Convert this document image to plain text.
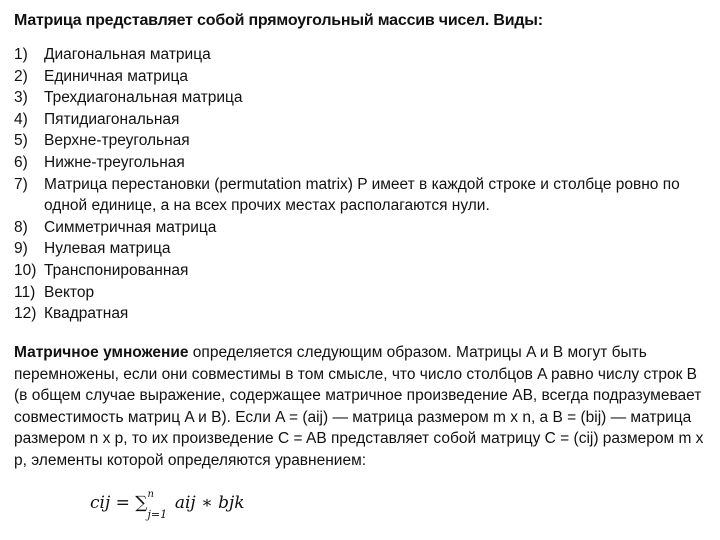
Матрица представляет собой прямоугольный массив чисел. Виды:
1)	Диагональная матрица
2)	Единичная матрица
3)	Трехдиагональная матрица
4)	Пятидиагональная
5)	Верхне-треугольная
6)	Нижне-треугольная
7)	Матрица перестановки (permutation matrix) P имеет в каждой строке и столбце ровно по одной единице, а на всех прочих местах располагаются нули.
8)	Симметричная матрица
9)	Нулевая матрица
10) Транспонированная
11) Вектор
12) Квадратная

Матричное умножение определяется следующим образом. Матрицы A и B могут быть перемножены, если они совместимы в том смысле, что число столбцов A равно числу строк B (в общем случае выражение, содержащее матричное произведение AB, всегда подразумевает совместимость матриц A и B). Если A = (aij) — матрица размером m x n, а B = (bij) — матрица размером n x p, то их произведение C = AB представляет собой матрицу C = (cij) размером m x p, элементы которой определяются уравнением:

cij = ∑ n
j=1
aij ∗ bjk
